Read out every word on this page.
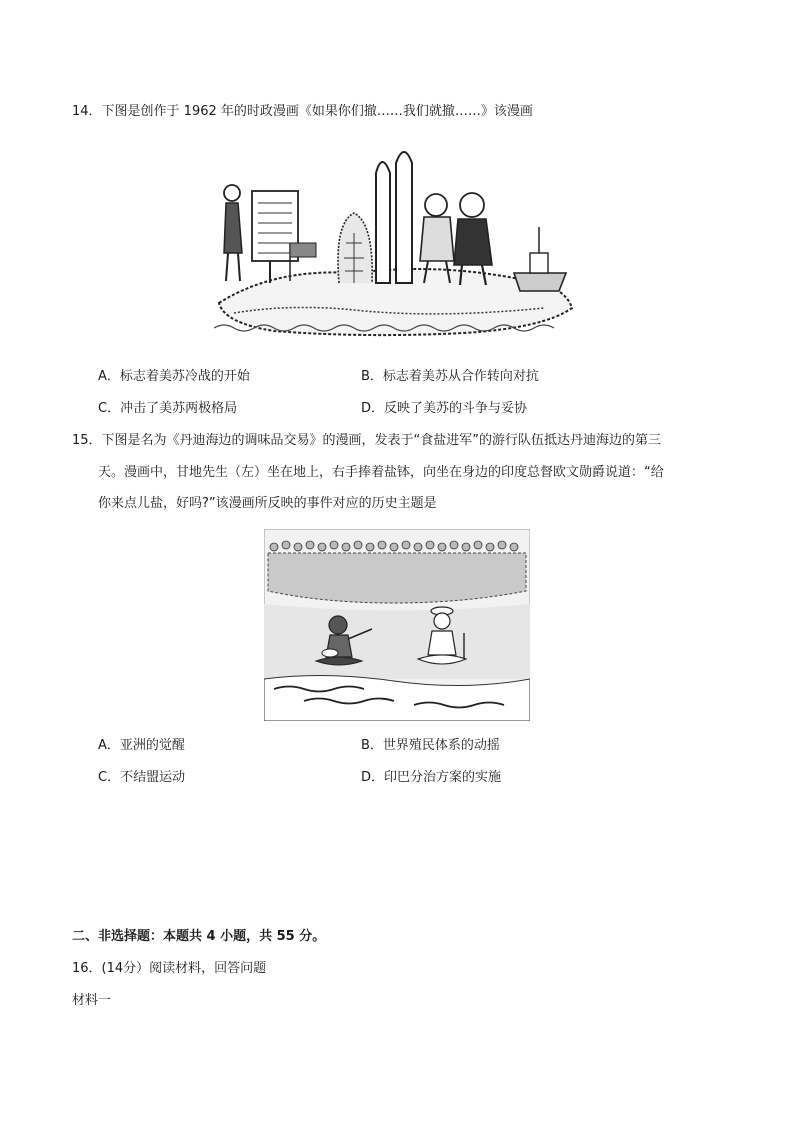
14．下图是创作于 1962 年的时政漫画《如果你们撤……我们就撤……》该漫画
A．标志着美苏冷战的开始	B．标志着美苏从合作转向对抗
C．冲击了美苏两极格局	D．反映了美苏的斗争与妥协
15．下图是名为《丹迪海边的调味品交易》的漫画，发表于“食盐进军”的游行队伍抵达丹迪海边的第三
天。漫画中，甘地先生（左）坐在地上，右手捧着盐钵，向坐在身边的印度总督欧文勋爵说道：“给
你来点儿盐，好吗?”该漫画所反映的事件对应的历史主题是
A．亚洲的觉醒	B．世界殖民体系的动摇
C．不结盟运动	D．印巴分治方案的实施
二、非选择题：本题共 4 小题，共 55 分。
16．(14分）阅读材料，回答问题
材料一
